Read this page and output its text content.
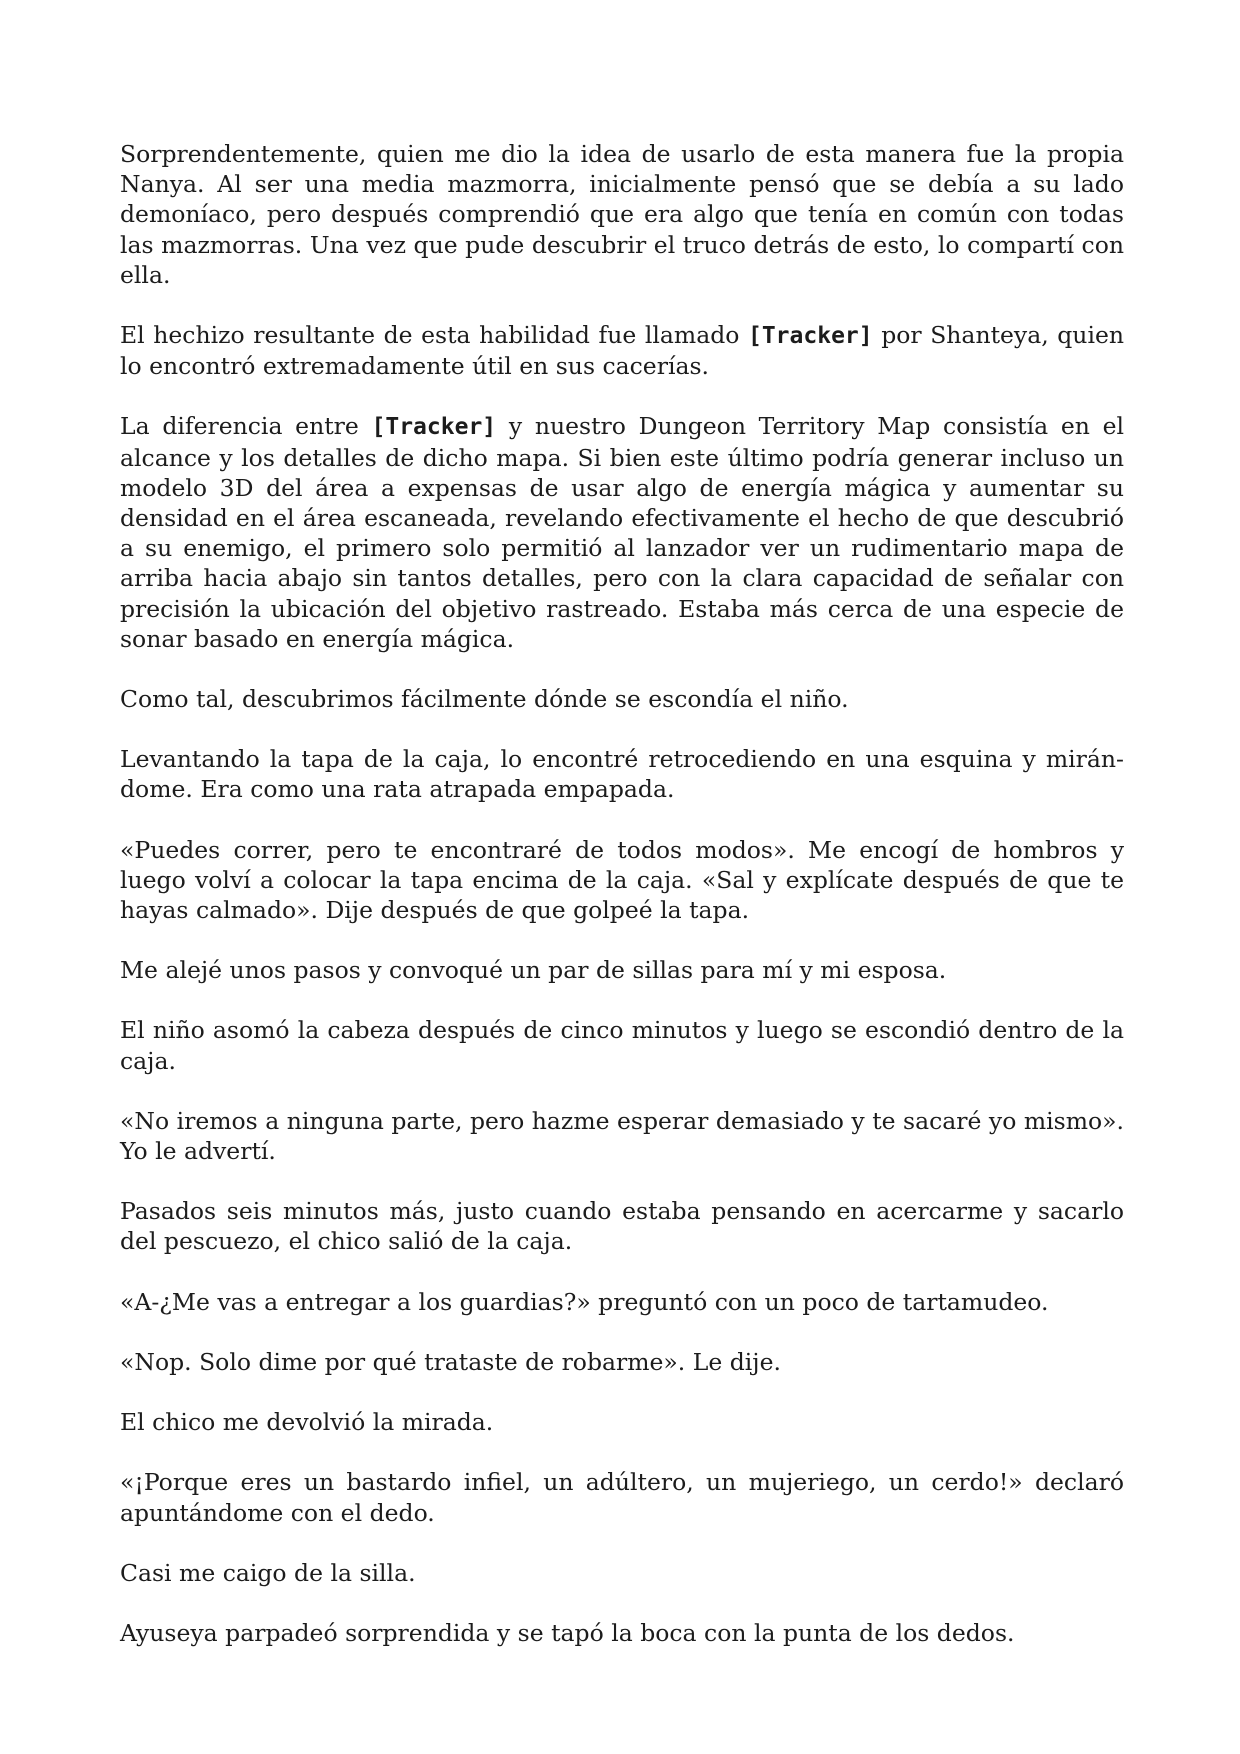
Sorprendentemente, quien me dio la idea de usarlo de esta manera fue la propia Nanya. Al ser una media mazmorra, inicialmente pensó que se debía a su lado demoníaco, pero después comprendió que era algo que tenía en común con todas las mazmorras. Una vez que pude descubrir el truco detrás de esto, lo compartí con ella.

El hechizo resultante de esta habilidad fue llamado [Tracker] por Shanteya, quien lo encontró extremadamente útil en sus cacerías.

La diferencia entre [Tracker] y nuestro Dungeon Territory Map consistía en el alcance y los detalles de dicho mapa. Si bien este último podría generar incluso un modelo 3D del área a expensas de usar algo de energía mágica y aumentar su densidad en el área escaneada, revelando efectivamente el hecho de que descubrió a su enemigo, el primero solo permitió al lanzador ver un rudimentario mapa de arriba hacia abajo sin tantos detalles, pero con la clara capacidad de señalar con precisión la ubicación del objetivo rastreado. Estaba más cerca de una especie de sonar basado en energía mágica.

Como tal, descubrimos fácilmente dónde se escondía el niño.

Levantando la tapa de la caja, lo encontré retrocediendo en una esquina y mirándome. Era como una rata atrapada empapada.

«Puedes correr, pero te encontraré de todos modos». Me encogí de hombros y luego volví a colocar la tapa encima de la caja. «Sal y explícate después de que te hayas calmado». Dije después de que golpeé la tapa.

Me alejé unos pasos y convoqué un par de sillas para mí y mi esposa.

El niño asomó la cabeza después de cinco minutos y luego se escondió dentro de la caja.

«No iremos a ninguna parte, pero hazme esperar demasiado y te sacaré yo mismo». Yo le advertí.

Pasados seis minutos más, justo cuando estaba pensando en acercarme y sacarlo del pescuezo, el chico salió de la caja.

«A-¿Me vas a entregar a los guardias?» preguntó con un poco de tartamudeo.

«Nop. Solo dime por qué trataste de robarme». Le dije.

El chico me devolvió la mirada.

«¡Porque eres un bastardo infiel, un adúltero, un mujeriego, un cerdo!» declaró apuntándome con el dedo.

Casi me caigo de la silla.

Ayuseya parpadeó sorprendida y se tapó la boca con la punta de los dedos.
